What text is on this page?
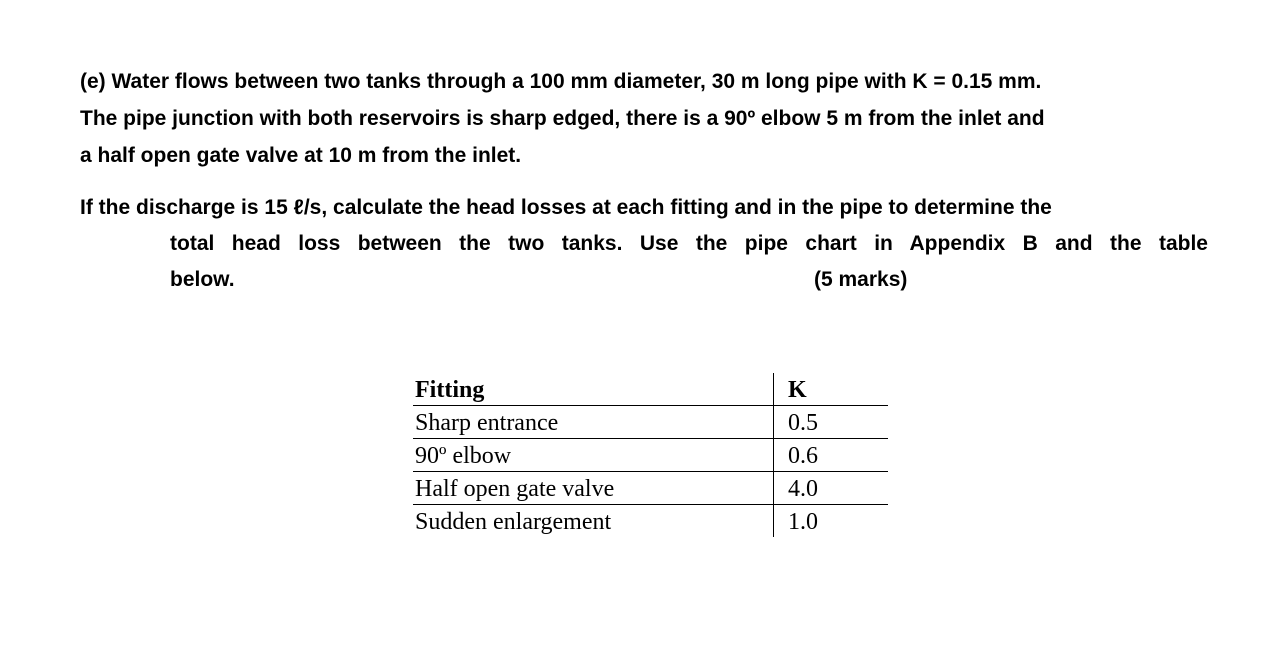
(e) Water flows between two tanks through a 100 mm diameter, 30 m long pipe with K = 0.15 mm.
The pipe junction with both reservoirs is sharp edged, there is a 90º elbow 5 m from the inlet and
a half open gate valve at 10 m from the inlet.
If the discharge is 15 ℓ/s, calculate the head losses at each fitting and in the pipe to determine the
total head loss between the two tanks. Use the pipe chart in Appendix B and the table
below.	(5 marks)
Fitting	K
Sharp entrance	0.5
90º elbow	0.6
Half open gate valve	4.0
Sudden enlargement	1.0
